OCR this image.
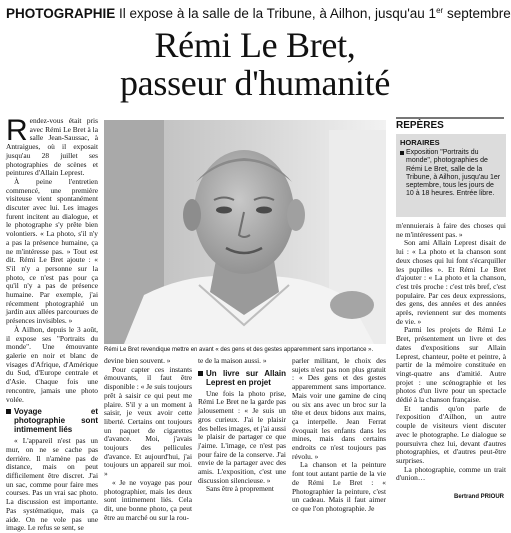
PHOTOGRAPHIE Il expose à la salle de la Tribune, à Ailhon, jusqu'au 1er septembre
Rémi Le Bret,
passeur d'humanité
Rémi Le Bret revendique mettre en avant « des gens et des gestes apparemment sans importance ».

Rendez-vous était pris avec Rémi Le Bret à la salle Jean-Saussac, à Antraigues, où il exposait jusqu'au 28 juillet ses photographies de scènes et peintures d'Allain Leprest.

À peine l'entretien commencé, une première visiteuse vient spontanément discuter avec lui. Les images furent incitent au dialogue, et le photographe s'y prête bien volontiers. « La photo, s'il n'y a pas la présence humaine, ça ne m'intéresse pas. » Tout est dit. Rémi Le Bret ajoute : « S'il n'y a personne sur la photo, ce n'est pas pour ça qu'il n'y a pas de présence humaine. Par exemple, j'ai récemment photographié un jardin aux allées parcourues de présences invisibles. »

À Ailhon, depuis le 3 août, il expose ses "Portraits du monde". Une émouvante galerie en noir et blanc de visages d'Afrique, d'Amérique du Sud, d'Europe centrale et d'Asie. Chaque fois une rencontre, jamais une photo volée.

Voyage et photographie sont intimement liés

« L'appareil n'est pas un mur, on ne se cache pas derrière. Il n'amène pas de distance, mais on peut difficilement être discret. J'ai un sac, comme pour faire mes courses. Pas un vrai sac photo. La discussion est importante. Pas systématique, mais ça aide. On ne vole pas une image. Le refus se sent, se

devine bien souvent. »

Pour capter ces instants émouvants, il faut être disponible : « Je suis toujours prêt à saisir ce qui peut me plaire. S'il y a un moment à saisir, je veux avoir cette liberté. Certains ont toujours un paquet de cigarettes d'avance. Moi, j'avais toujours des pellicules d'avance. Et aujourd'hui, j'ai toujours un appareil sur moi. »

« Je ne voyage pas pour photographier, mais les deux sont intimement liés. Cela dit, une bonne photo, ça peut être au marché ou sur la rou-

te de la maison aussi. »

Un livre sur Allain Leprest en projet

Une fois la photo prise, Rémi Le Bret ne la garde pas jalousement : « Je suis un gros curieux. J'ai le plaisir des belles images, et j'ai aussi le plaisir de partager ce que j'aime. L'image, ce n'est pas pour faire de la conserve. J'ai envie de la partager avec des amis. L'exposition, c'est une discussion silencieuse. »

Sans être à proprement

parler militant, le choix des sujets n'est pas non plus gratuit : « Des gens et des gestes apparemment sans importance. Mais voir une gamine de cinq ou six ans avec un broc sur la tête et deux bidons aux mains, ça interpelle. Jean Ferrat évoquait les enfants dans les mines, mais dans certains endroits ce n'est toujours pas révolu. »

La chanson et la peinture font tout autant partie de la vie de Rémi Le Bret : « Photographier la peinture, c'est un cadeau. Mais il faut aimer ce que l'on photographie. Je

REPÈRES
HORAIRES
Exposition "Portraits du monde", photographies de Rémi Le Bret, salle de la Tribune, à Ailhon, jusqu'au 1er septembre, tous les jours de 10 à 18 heures. Entrée libre.

m'ennuierais à faire des choses qui ne m'intéressent pas. »

Son ami Allain Leprest disait de lui : « La photo et la chanson sont deux choses qui lui font s'écarquiller les pupilles ». Et Rémi Le Bret d'ajouter : « La photo et la chanson, c'est très proche : c'est très bref, c'est populaire. Par ces deux expressions, des gens, des années et des années après, reviennent sur des moments de vie. »

Parmi les projets de Rémi Le Bret, présentement un livre et des dates d'expositions sur Allain Leprest, chanteur, poète et peintre, à partir de la mémoire constituée en vingt-quatre ans d'amitié. Autre projet : une scénographie et les photos d'un livre pour un spectacle dédié à la chanson française.

Et tandis qu'on parle de l'exposition d'Ailhon, un autre couple de visiteurs vient discuter avec le photographe. Le dialogue se poursuivra chez lui, devant d'autres photographies, et d'autres peut-être surprises.

La photographie, comme un trait d'union…

Bertrand PRIOUR
